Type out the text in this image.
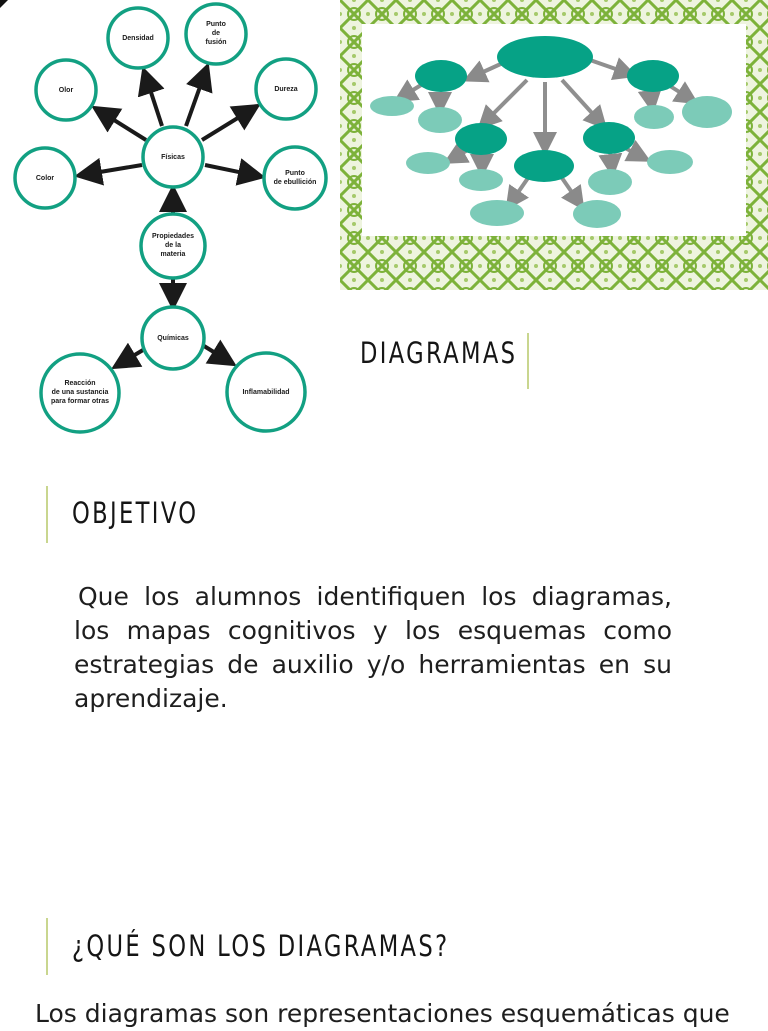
Densidad
Punto
de
fusión
Olor	Dureza
Físicas
Color
Punto
de ebullición
Propiedades
de la
materia
Químicas
Reacción
de una sustancia
para formar otras
Inflamabilidad
DIAGRAMAS
OBJETIVO

Que los alumnos identifiquen los diagramas, los mapas cognitivos y los esquemas como estrategias de auxilio y/o herramientas en su aprendizaje.

¿QUÉ SON LOS DIAGRAMAS?

Los diagramas son representaciones esquemáticas que
